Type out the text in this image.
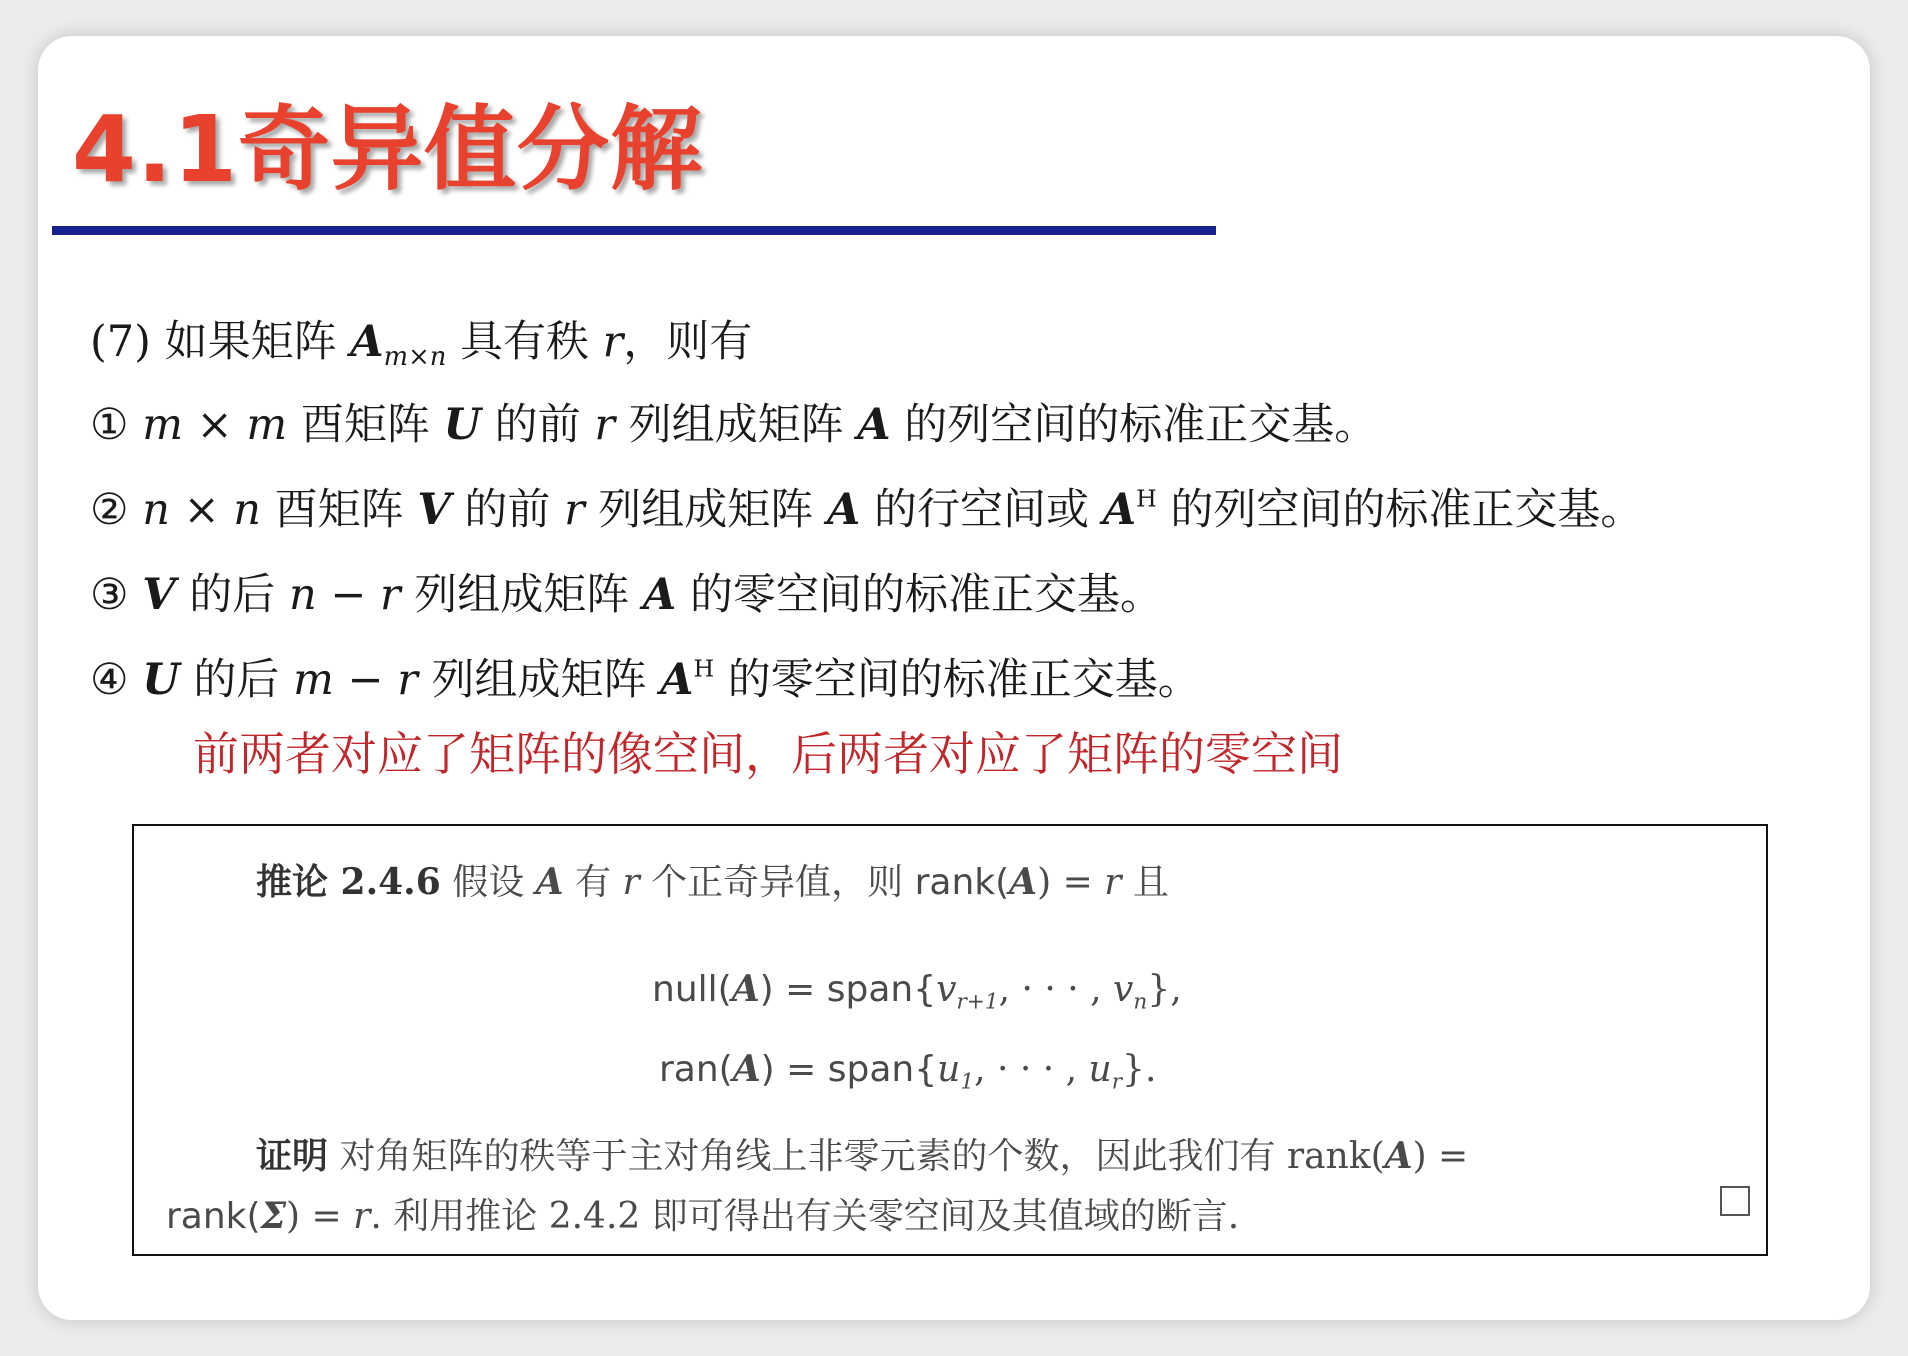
4.1奇异值分解
(7) 如果矩阵 $A_{m\times n}$ 具有秩 r，则有
① m × m 酉矩阵 U 的前 r 列组成矩阵 A 的列空间的标准正交基。
② n × n 酉矩阵 V 的前 r 列组成矩阵 A 的行空间或 $A^H$ 的列空间的标准正交基。
③ V 的后 n − r 列组成矩阵 A 的零空间的标准正交基。
④ U 的后 m − r 列组成矩阵 $A^H$ 的零空间的标准正交基。
前两者对应了矩阵的像空间，后两者对应了矩阵的零空间
推论 2.4.6 假设 A 有 r 个正奇异值，则 rank(A) = r 且
null(A) = $span\{v_{r+1}$, · · · , $v_n$},
$ran(A) = span\{u_1$, · · · , $u_r$}.
证明 对角矩阵的秩等于主对角线上非零元素的个数，因此我们有 rank(A) =
rank(Σ) = r. 利用推论 2.4.2 即可得出有关零空间及其值域的断言.
